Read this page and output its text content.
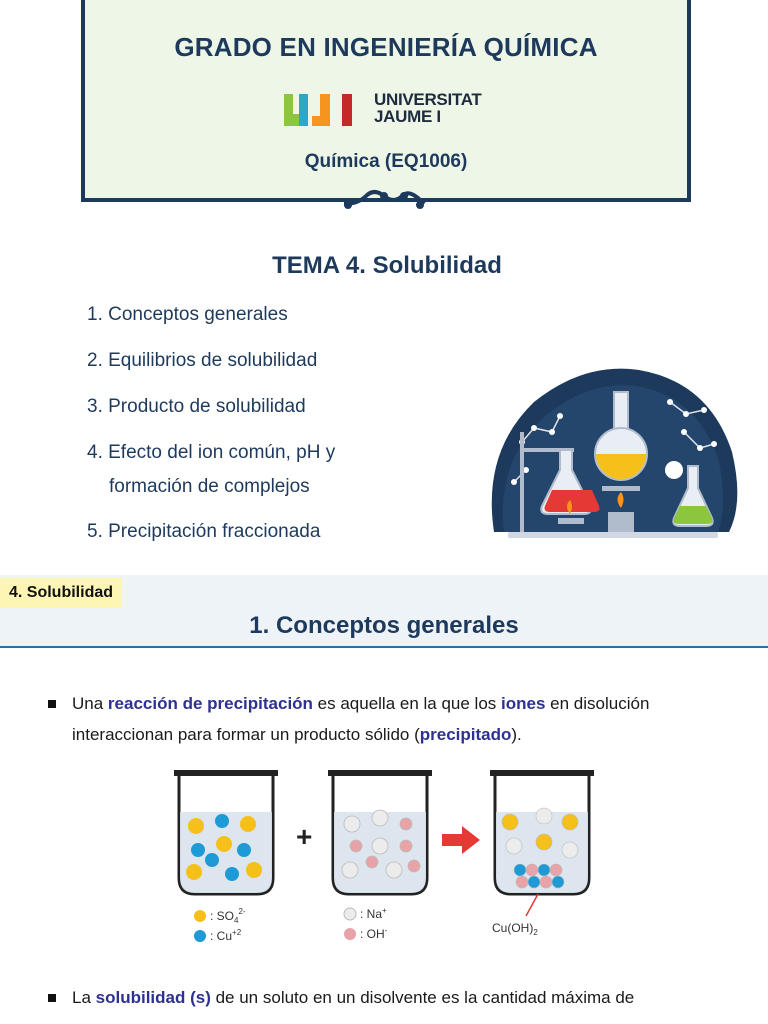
GRADO EN INGENIERÍA QUÍMICA
UNIVERSITAT
JAUME I
Química (EQ1006)
TEMA 4. Solubilidad
1. Conceptos generales
2. Equilibrios de solubilidad
3. Producto de solubilidad
4. Efecto del ion común, pH y
formación de complejos
5. Precipitación fraccionada
4. Solubilidad
1. Conceptos generales
Una reacción de precipitación es aquella en la que los iones en disolución interaccionan para formar un producto sólido (precipitado).
+
: $SO_4^{2-}$
: $Cu^{+2}$
: Na+
: OH-	$Cu(OH)_2$
La solubilidad (s) de un soluto en un disolvente es la cantidad máxima de
